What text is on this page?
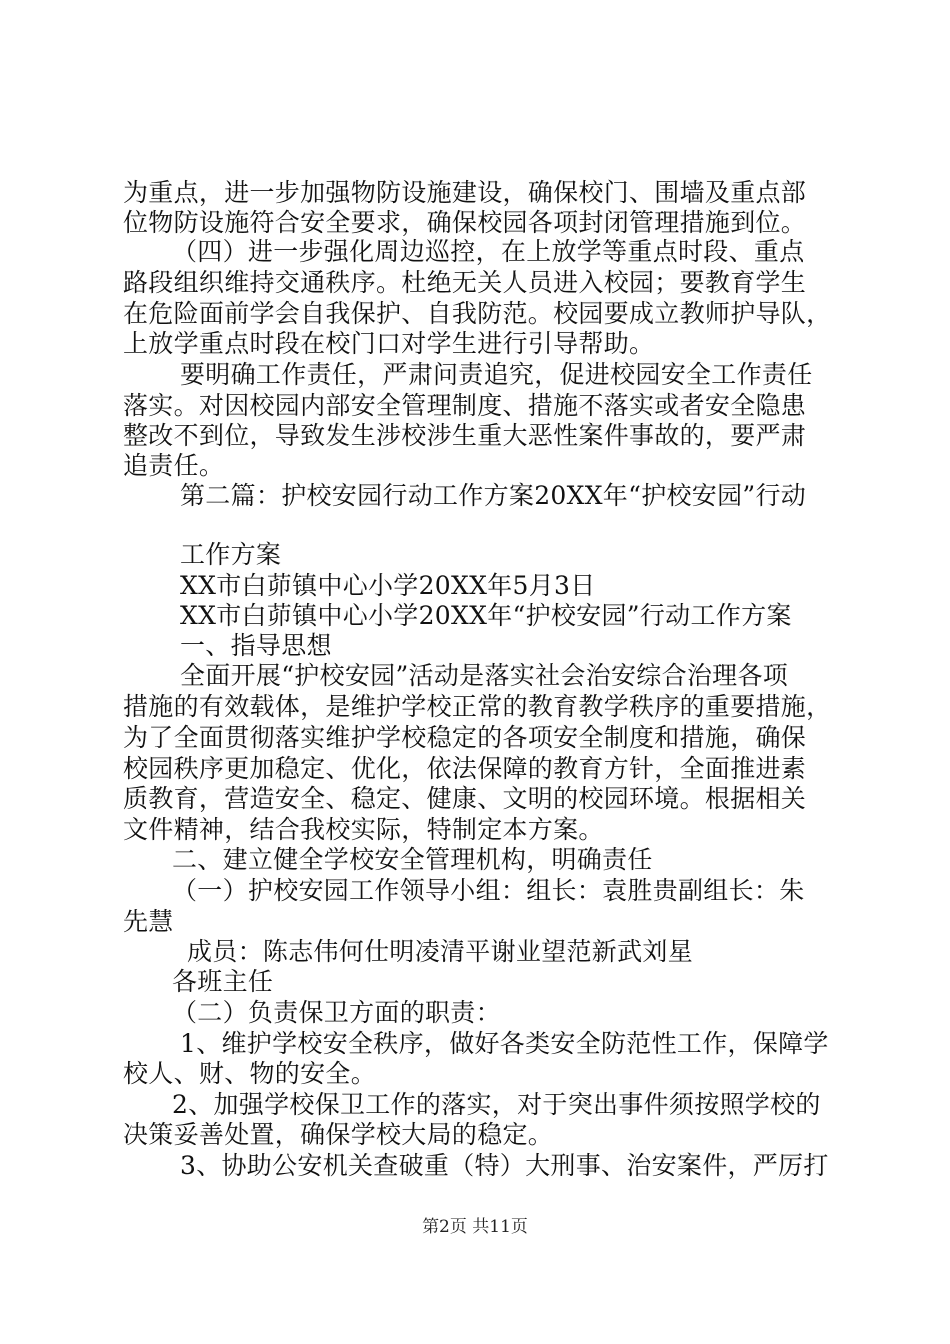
为重点，进一步加强物防设施建设，确保校门、围墙及重点部
位物防设施符合安全要求，确保校园各项封闭管理措施到位。
（四）进一步强化周边巡控，在上放学等重点时段、重点
路段组织维持交通秩序。杜绝无关人员进入校园；要教育学生
在危险面前学会自我保护、自我防范。校园要成立教师护导队，
上放学重点时段在校门口对学生进行引导帮助。
要明确工作责任，严肃问责追究，促进校园安全工作责任
落实。对因校园内部安全管理制度、措施不落实或者安全隐患
整改不到位，导致发生涉校涉生重大恶性案件事故的，要严肃
追责任。
第二篇：护校安园行动工作方案20XX年“护校安园”行动
工作方案
XX市白茆镇中心小学20XX年5月3日
XX市白茆镇中心小学20XX年“护校安园”行动工作方案
一、指导思想
全面开展“护校安园”活动是落实社会治安综合治理各项
措施的有效载体，是维护学校正常的教育教学秩序的重要措施，
为了全面贯彻落实维护学校稳定的各项安全制度和措施，确保
校园秩序更加稳定、优化，依法保障的教育方针，全面推进素
质教育，营造安全、稳定、健康、文明的校园环境。根据相关
文件精神，结合我校实际，特制定本方案。
二、建立健全学校安全管理机构，明确责任
（一）护校安园工作领导小组：组长：袁胜贵副组长：朱
先慧
成员：陈志伟何仕明凌清平谢业望范新武刘星
各班主任
（二）负责保卫方面的职责：
1、维护学校安全秩序，做好各类安全防范性工作，保障学
校人、财、物的安全。
2、加强学校保卫工作的落实，对于突出事件须按照学校的
决策妥善处置，确保学校大局的稳定。
3、协助公安机关查破重（特）大刑事、治安案件，严厉打
第2页 共11页
